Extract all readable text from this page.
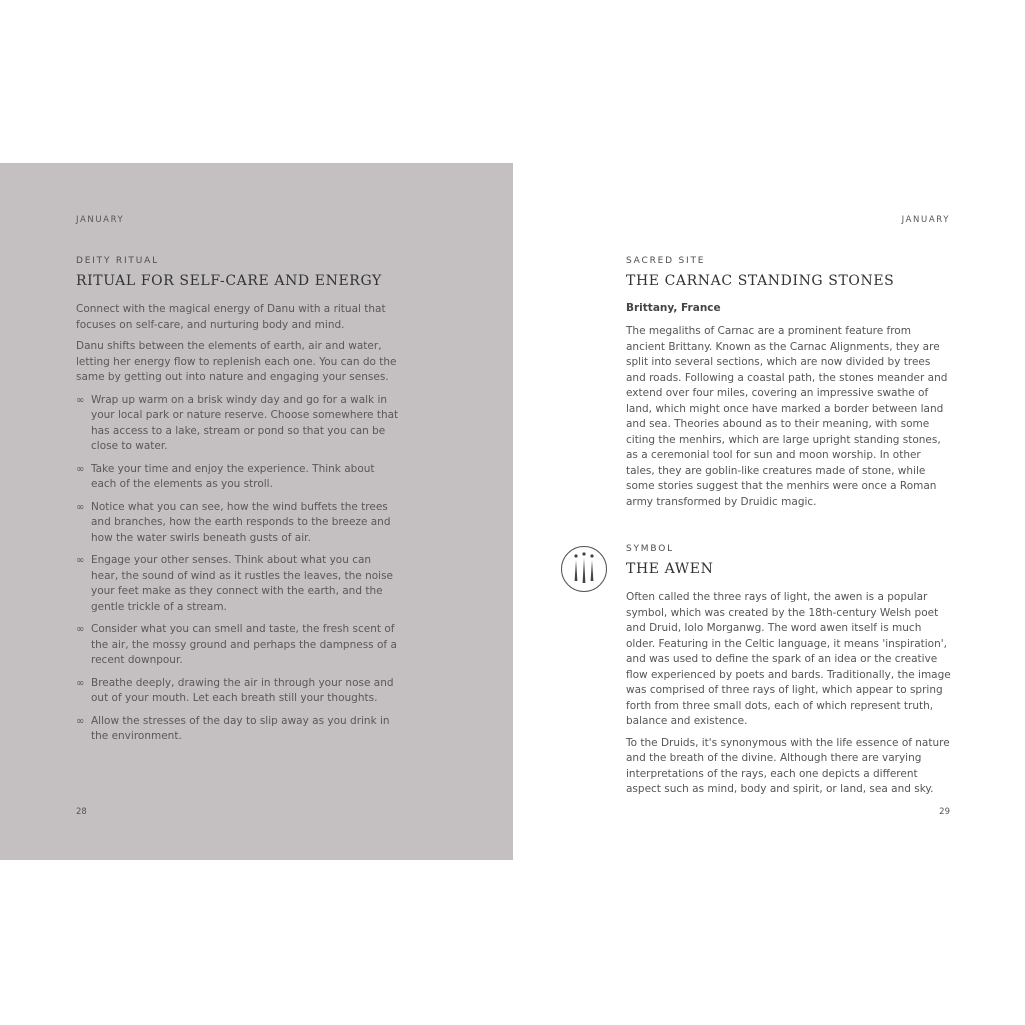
JANUARY
DEITY RITUAL
RITUAL FOR SELF-CARE AND ENERGY

Connect with the magical energy of Danu with a ritual that focuses on self-care, and nurturing body and mind.

Danu shifts between the elements of earth, air and water, letting her energy flow to replenish each one. You can do the same by getting out into nature and engaging your senses.

∞ Wrap up warm on a brisk windy day and go for a walk in your local park or nature reserve. Choose somewhere that has access to a lake, stream or pond so that you can be close to water.
∞ Take your time and enjoy the experience. Think about each of the elements as you stroll.
∞ Notice what you can see, how the wind buffets the trees and branches, how the earth responds to the breeze and how the water swirls beneath gusts of air.
∞ Engage your other senses. Think about what you can hear, the sound of wind as it rustles the leaves, the noise your feet make as they connect with the earth, and the gentle trickle of a stream.
∞ Consider what you can smell and taste, the fresh scent of the air, the mossy ground and perhaps the dampness of a recent downpour.
∞ Breathe deeply, drawing the air in through your nose and out of your mouth. Let each breath still your thoughts.
∞ Allow the stresses of the day to slip away as you drink in the environment.
28
JANUARY
SACRED SITE
THE CARNAC STANDING STONES
Brittany, France

The megaliths of Carnac are a prominent feature from ancient Brittany. Known as the Carnac Alignments, they are split into several sections, which are now divided by trees and roads. Following a coastal path, the stones meander and extend over four miles, covering an impressive swathe of land, which might once have marked a border between land and sea. Theories abound as to their meaning, with some citing the menhirs, which are large upright standing stones, as a ceremonial tool for sun and moon worship. In other tales, they are goblin-like creatures made of stone, while some stories suggest that the menhirs were once a Roman army transformed by Druidic magic.

SYMBOL
THE AWEN

Often called the three rays of light, the awen is a popular symbol, which was created by the 18th-century Welsh poet and Druid, Iolo Morganwg. The word awen itself is much older. Featuring in the Celtic language, it means 'inspiration', and was used to define the spark of an idea or the creative flow experienced by poets and bards. Traditionally, the image was comprised of three rays of light, which appear to spring forth from three small dots, each of which represent truth, balance and existence.

To the Druids, it's synonymous with the life essence of nature and the breath of the divine. Although there are varying interpretations of the rays, each one depicts a different aspect such as mind, body and spirit, or land, sea and sky.

29
